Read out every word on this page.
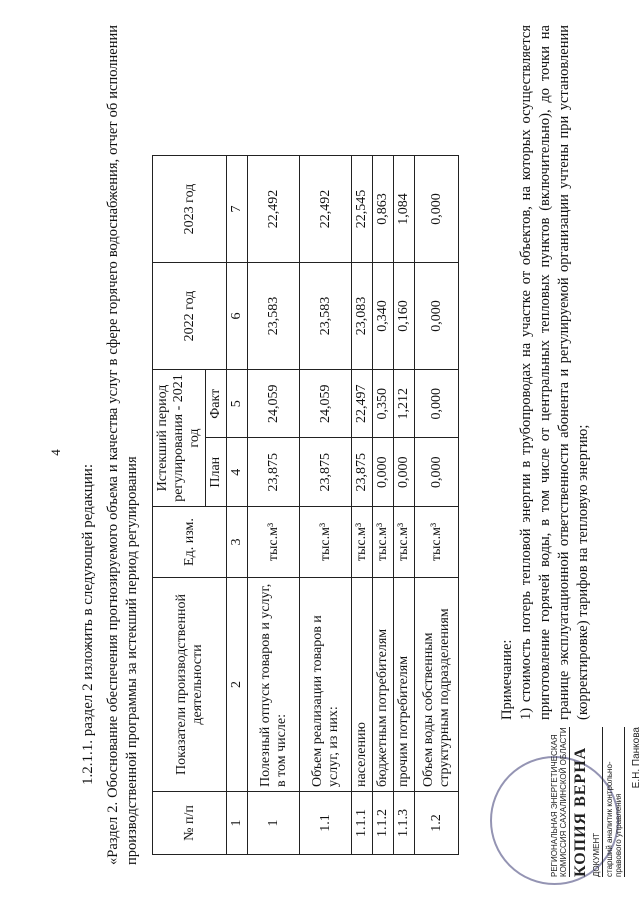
4
1.2.1.1. раздел 2 изложить в следующей редакции: «Раздел 2. Обоснование обеспечения прогнозируемого объема и качества услуг в сфере горячего водоснабжения, отчет об исполнении производственной программы за истекший период регулирования	№ п/п	Показатели производственной деятельности	Ед. изм.	Истекший период регулирования - 2021 год		2022 год	2023 год
			План	Факт		
1	2	3	4	5	6	7
1	Полезный отпуск товаров и услуг, в том числе:	тыс.м³	23,875	24,059	23,583	22,492
1.1	Объем реализации товаров и услуг, из них:	тыс.м³	23,875	24,059	23,583	22,492
1.1.1	населению	тыс.м³	23,875	22,497	23,083	22,545
1.1.2	бюджетным потребителям	тыс.м³	0,000	0,350	0,340	0,863
1.1.3	прочим потребителям	тыс.м³	0,000	1,212	0,160	1,084
1.2	Объем воды собственным структурным подразделениям	тыс.м³	0,000	0,000	0,000	0,000
Примечание: 1) стоимость потерь тепловой энергии в трубопроводах на участке от объектов, на которых осуществляется приготовление горячей воды, в том числе от центральных тепловых пунктов (включительно), до точки на границе эксплуатационной ответственности абонента и регулируемой организации учтены при установлении (корректировке) тарифов на тепловую энергию;
РЕГИОНАЛЬНАЯ ЭНЕРГЕТИЧЕСКАЯ КОМИССИЯ САХАЛИНСКОЙ ОБЛАСТИ КОПИЯ ВЕРНА ДОКУМЕНТ старший аналитик контрольно-правового управления
Е.Н. Панкова
